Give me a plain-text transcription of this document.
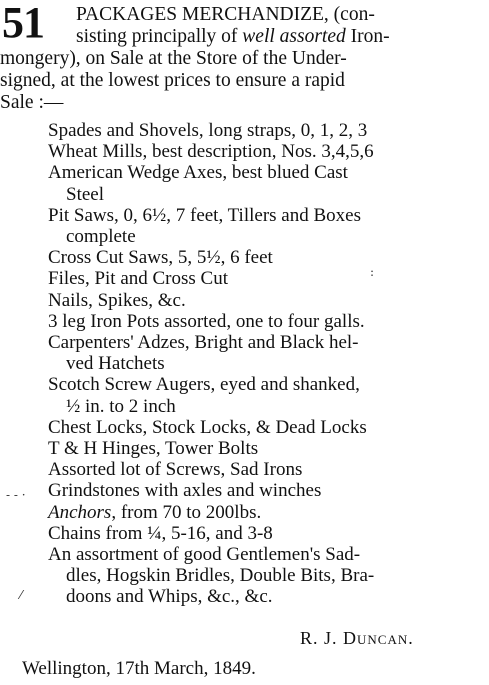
51 PACKAGES MERCHANDIZE, (con-
sisting principally of well assorted Iron-
mongery), on Sale at the Store of the Under-
signed, at the lowest prices to ensure a rapid
Sale :—
Spades and Shovels, long straps, 0, 1, 2, 3
Wheat Mills, best description, Nos. 3,4,5,6
American Wedge Axes, best blued Cast
Steel
Pit Saws, 0, 6½, 7 feet, Tillers and Boxes
complete
Cross Cut Saws, 5, 5½, 6 feet
Files, Pit and Cross Cut
Nails, Spikes, &c.
3 leg Iron Pots assorted, one to four galls.
Carpenters' Adzes, Bright and Black hel-
ved Hatchets
Scotch Screw Augers, eyed and shanked,
½ in. to 2 inch
Chest Locks, Stock Locks, & Dead Locks
T & H Hinges, Tower Bolts
Assorted lot of Screws, Sad Irons
Grindstones with axles and winches
Anchors, from 70 to 200lbs.
Chains from ¼, 5-16, and 3-8
An assortment of good Gentlemen's Sad-
dles, Hogskin Bridles, Double Bits, Bra-
doons and Whips, &c., &c.
:
- - ·
⁄
R. J. Duncan.
Wellington, 17th March, 1849.
